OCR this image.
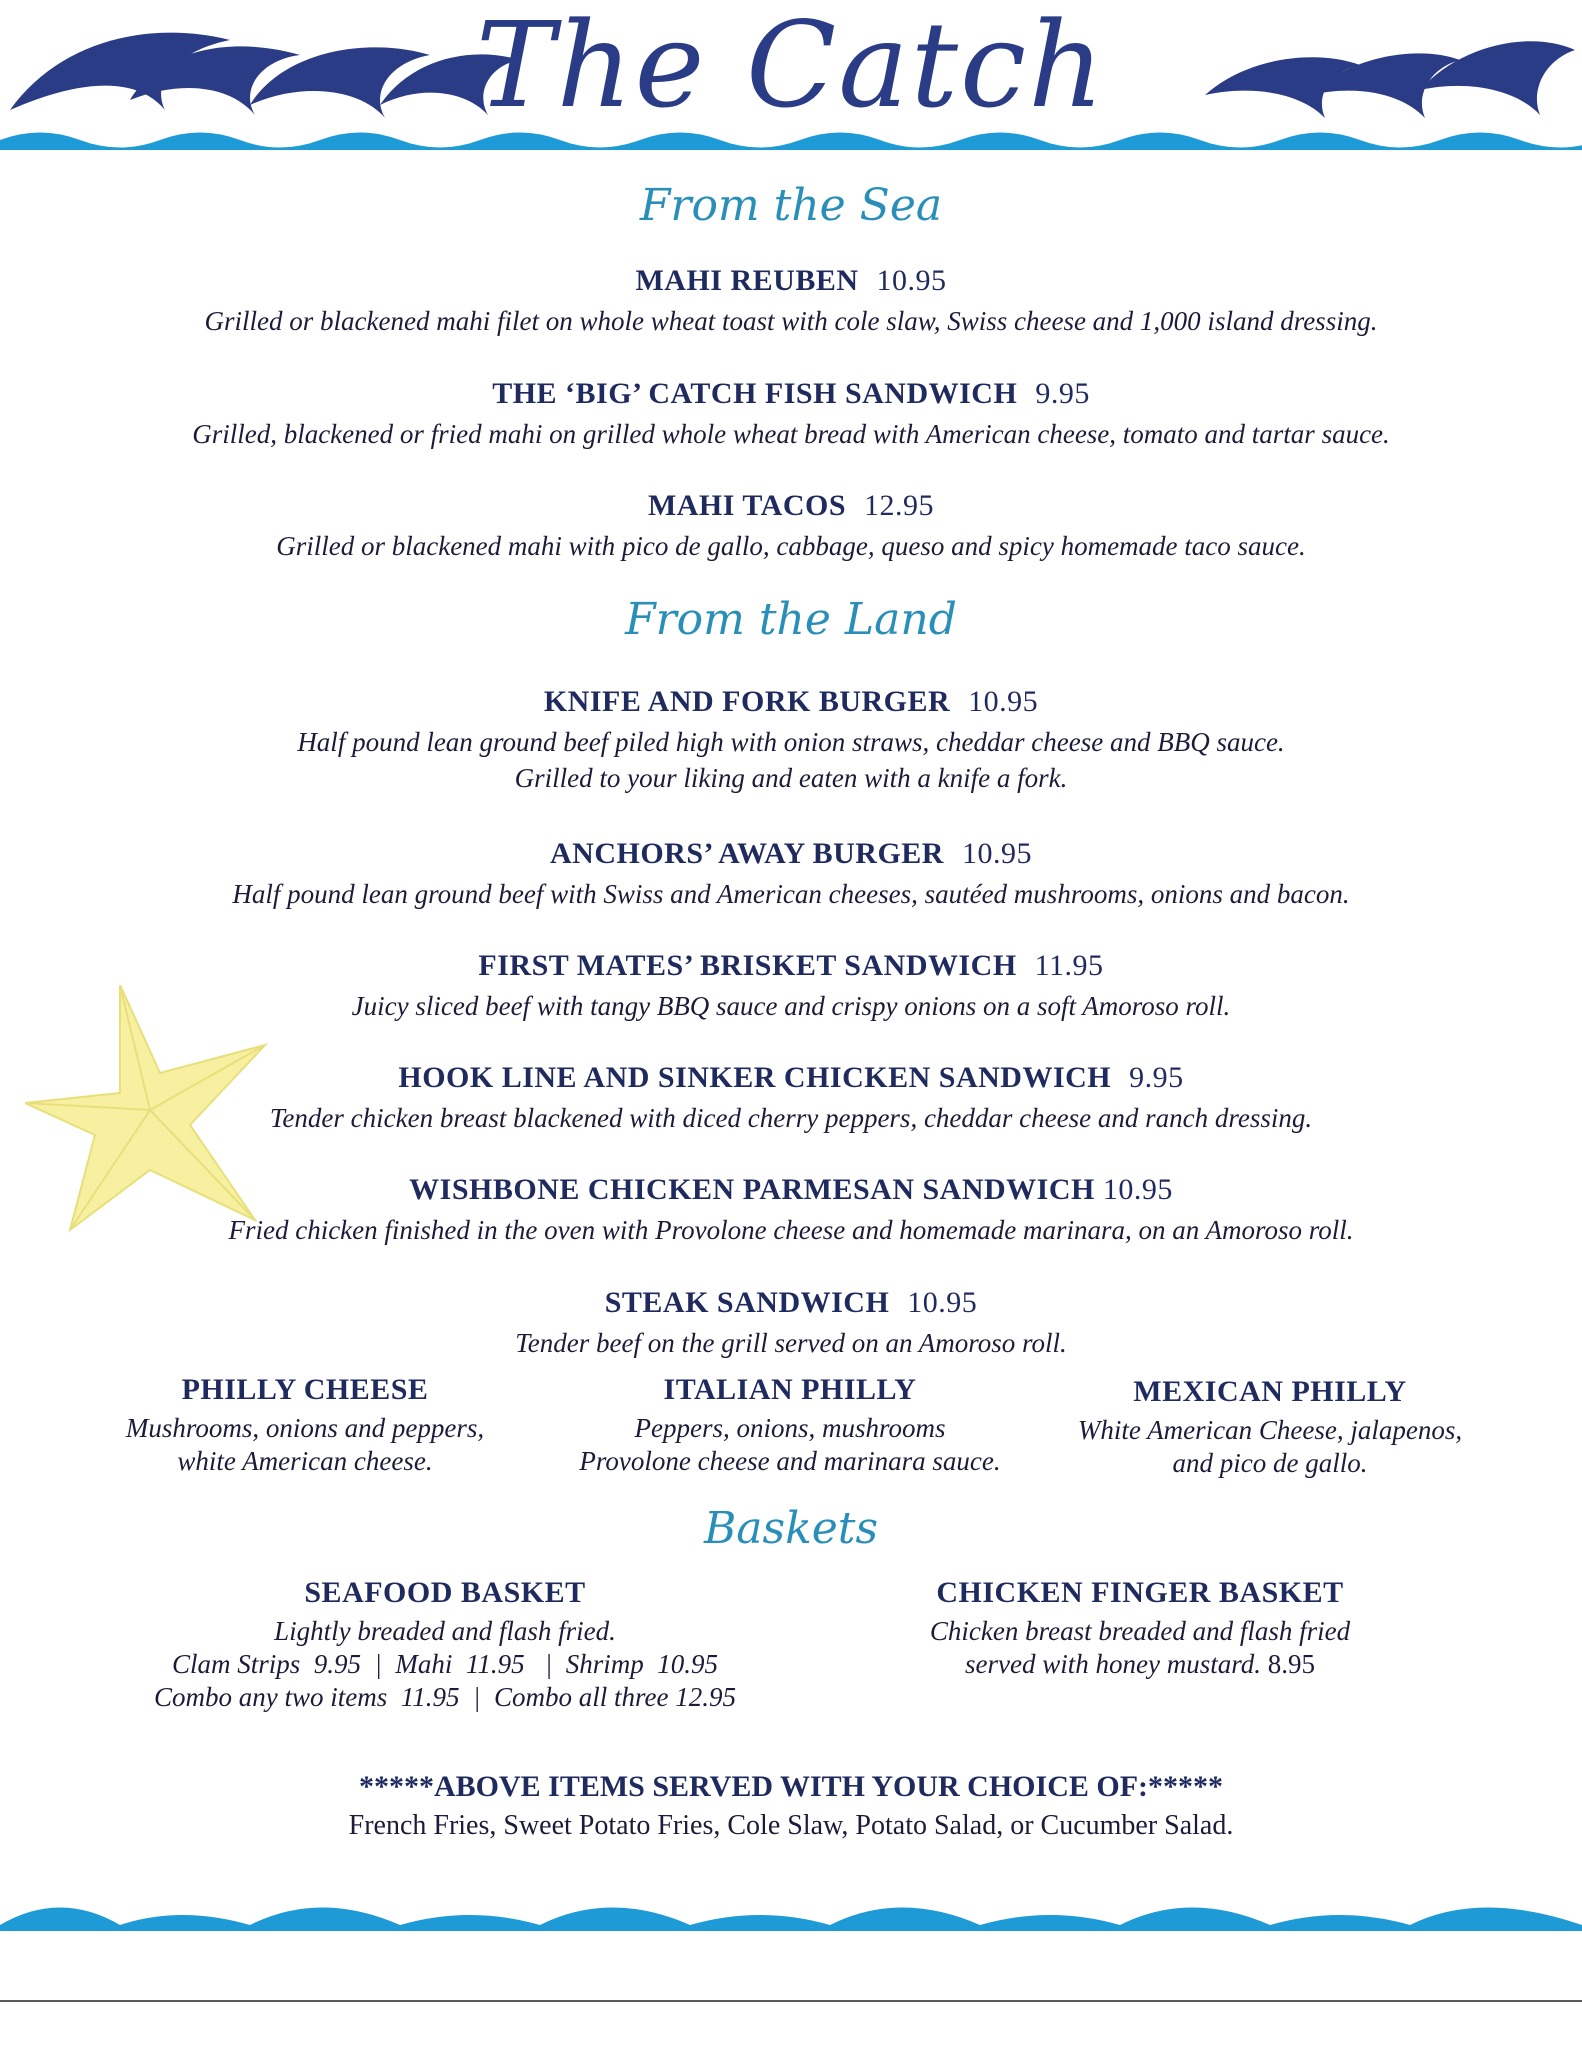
The Catch
From the Sea
MAHI REUBEN 10.95
Grilled or blackened mahi filet on whole wheat toast with cole slaw, Swiss cheese and 1,000 island dressing.
THE ‘BIG’ CATCH FISH SANDWICH 9.95
Grilled, blackened or fried mahi on grilled whole wheat bread with American cheese, tomato and tartar sauce.
MAHI TACOS 12.95
Grilled or blackened mahi with pico de gallo, cabbage, queso and spicy homemade taco sauce.
From the Land
KNIFE AND FORK BURGER 10.95
Half pound lean ground beef piled high with onion straws, cheddar cheese and BBQ sauce.
Grilled to your liking and eaten with a knife a fork.
ANCHORS’ AWAY BURGER 10.95
Half pound lean ground beef with Swiss and American cheeses, sautéed mushrooms, onions and bacon.
FIRST MATES’ BRISKET SANDWICH 11.95
Juicy sliced beef with tangy BBQ sauce and crispy onions on a soft Amoroso roll.
HOOK LINE AND SINKER CHICKEN SANDWICH 9.95
Tender chicken breast blackened with diced cherry peppers, cheddar cheese and ranch dressing.
WISHBONE CHICKEN PARMESAN SANDWICH 10.95
Fried chicken finished in the oven with Provolone cheese and homemade marinara, on an Amoroso roll.
STEAK SANDWICH 10.95
Tender beef on the grill served on an Amoroso roll.
PHILLY CHEESE
Mushrooms, onions and peppers,
white American cheese.
ITALIAN PHILLY
Peppers, onions, mushrooms
Provolone cheese and marinara sauce.
MEXICAN PHILLY
White American Cheese, jalapenos,
and pico de gallo.
Baskets
SEAFOOD BASKET
Lightly breaded and flash fried.
Clam Strips  9.95  |  Mahi  11.95   |  Shrimp  10.95
Combo any two items  11.95  |  Combo all three 12.95
CHICKEN FINGER BASKET
Chicken breast breaded and flash fried
served with honey mustard. 8.95
*****ABOVE ITEMS SERVED WITH YOUR CHOICE OF:*****
French Fries, Sweet Potato Fries, Cole Slaw, Potato Salad, or Cucumber Salad.
